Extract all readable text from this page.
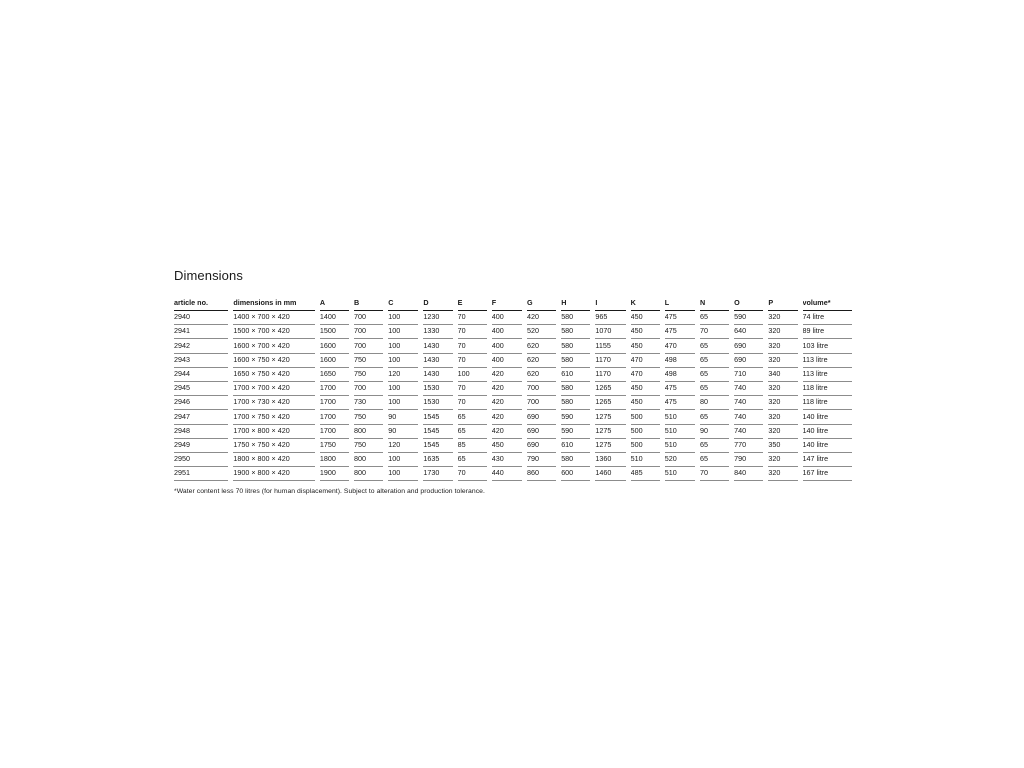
Dimensions
article no.	dimensions in mm	A	B	C	D	E	F	G	H	I	K	L	N	O	P	volume*

2940	1400 × 700 × 420	1400	700	100	1230	70	400	420	580	965	450	475	65	590	320	74 litre

2941	1500 × 700 × 420	1500	700	100	1330	70	400	520	580	1070	450	475	70	640	320	89 litre

2942	1600 × 700 × 420	1600	700	100	1430	70	400	620	580	1155	450	470	65	690	320	103 litre

2943	1600 × 750 × 420	1600	750	100	1430	70	400	620	580	1170	470	498	65	690	320	113 litre

2944	1650 × 750 × 420	1650	750	120	1430	100	420	620	610	1170	470	498	65	710	340	113 litre

2945	1700 × 700 × 420	1700	700	100	1530	70	420	700	580	1265	450	475	65	740	320	118 litre

2946	1700 × 730 × 420	1700	730	100	1530	70	420	700	580	1265	450	475	80	740	320	118 litre

2947	1700 × 750 × 420	1700	750	90	1545	65	420	690	590	1275	500	510	65	740	320	140 litre

2948	1700 × 800 × 420	1700	800	90	1545	65	420	690	590	1275	500	510	90	740	320	140 litre

2949	1750 × 750 × 420	1750	750	120	1545	85	450	690	610	1275	500	510	65	770	350	140 litre

2950	1800 × 800 × 420	1800	800	100	1635	65	430	790	580	1360	510	520	65	790	320	147 litre

2951	1900 × 800 × 420	1900	800	100	1730	70	440	860	600	1460	485	510	70	840	320	167 litre
*Water content less 70 litres (for human displacement). Subject to alteration and production tolerance.
